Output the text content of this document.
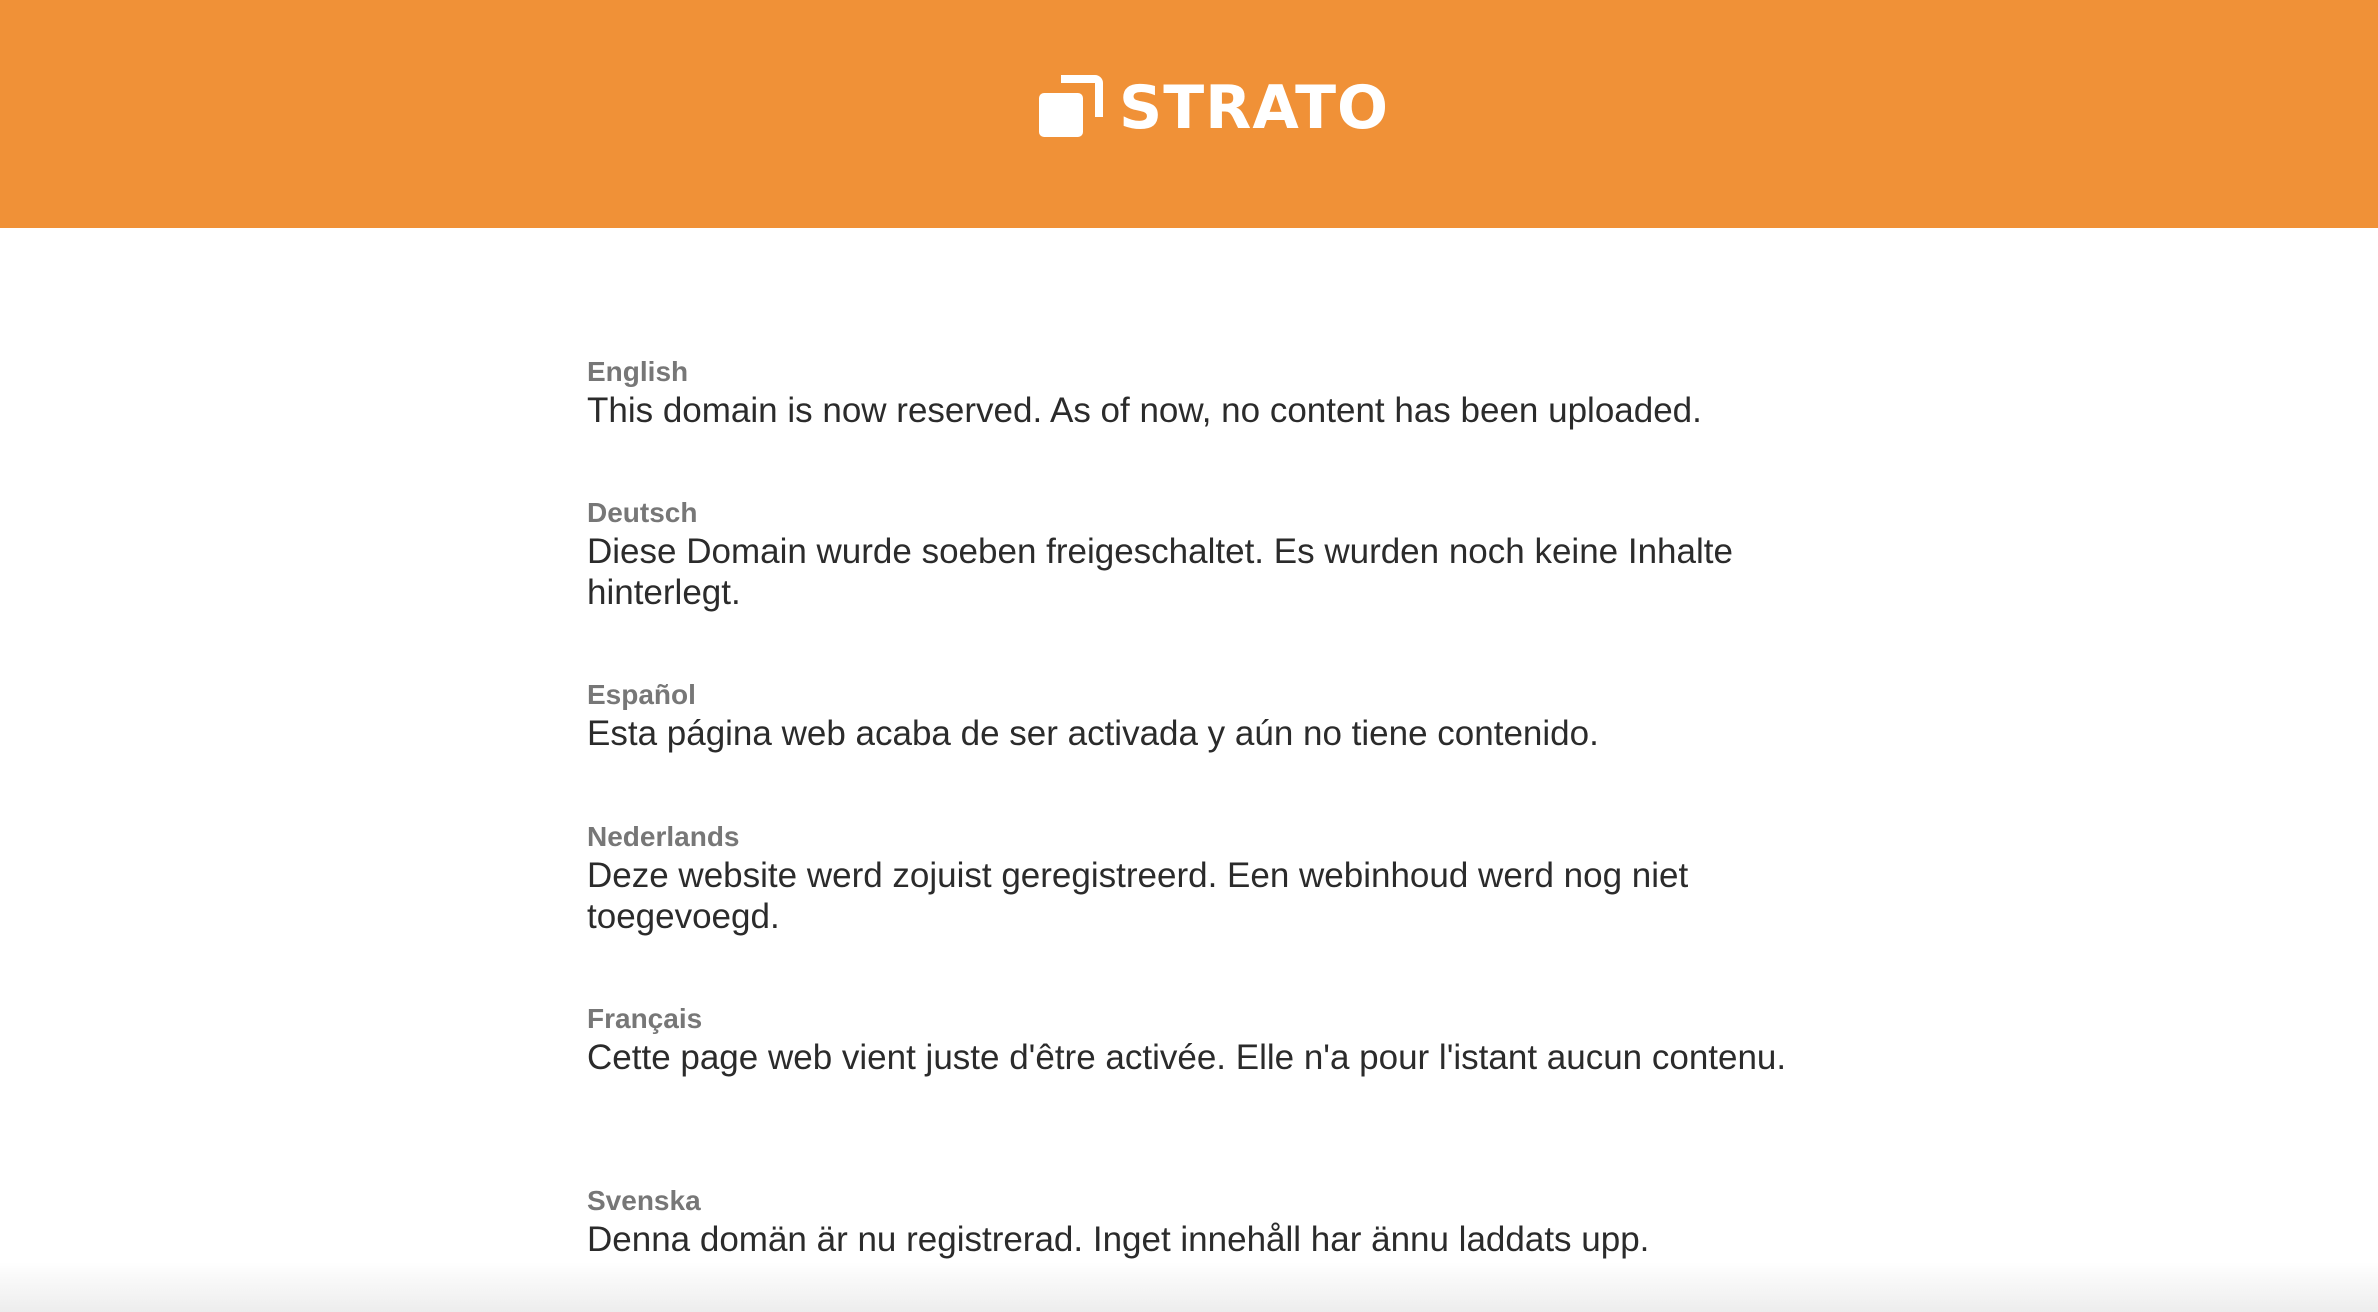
STRATO
English
This domain is now reserved. As of now, no content has been uploaded.
Deutsch
Diese Domain wurde soeben freigeschaltet. Es wurden noch keine Inhalte hinterlegt.
Español
Esta página web acaba de ser activada y aún no tiene contenido.
Nederlands
Deze website werd zojuist geregistreerd. Een webinhoud werd nog niet toegevoegd.
Français
Cette page web vient juste d'être activée. Elle n'a pour l'istant aucun contenu.
Svenska
Denna domän är nu registrerad. Inget innehåll har ännu laddats upp.
